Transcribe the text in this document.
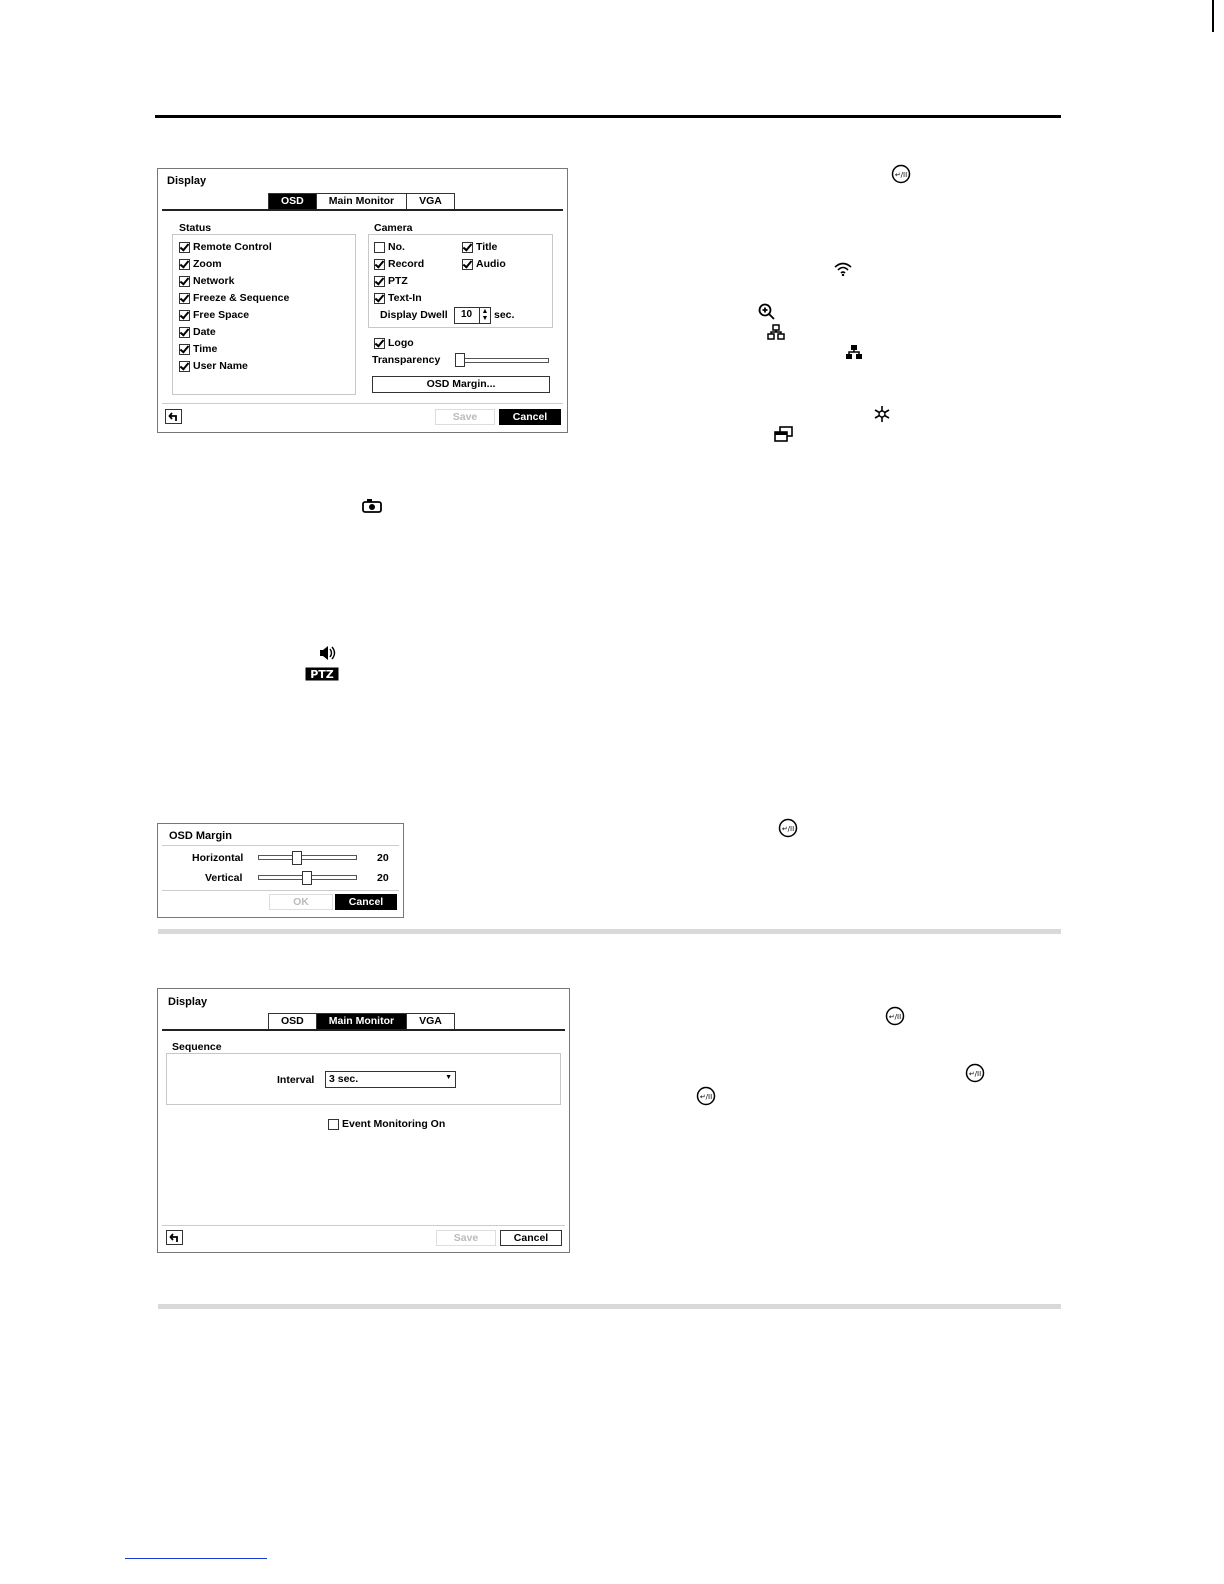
Display
OSD	Main Monitor	VGA
Status
Remote Control
Zoom
Network
Freeze & Sequence
Free Space
Date
Time
User Name
Camera
No.	Title
Record	Audio
PTZ
Text-In
Display Dwell 10	▲
▼ sec.
Logo
Transparency
OSD Margin...
Save	Cancel
OSD Margin
Horizontal	20
Vertical	20
OK	Cancel
Display
OSD	Main Monitor	VGA
Sequence
Interval 3 sec.	▼
Event Monitoring On
Save	Cancel
↵/II
PTZ
↵/II
↵/II
↵/II
↵/II
